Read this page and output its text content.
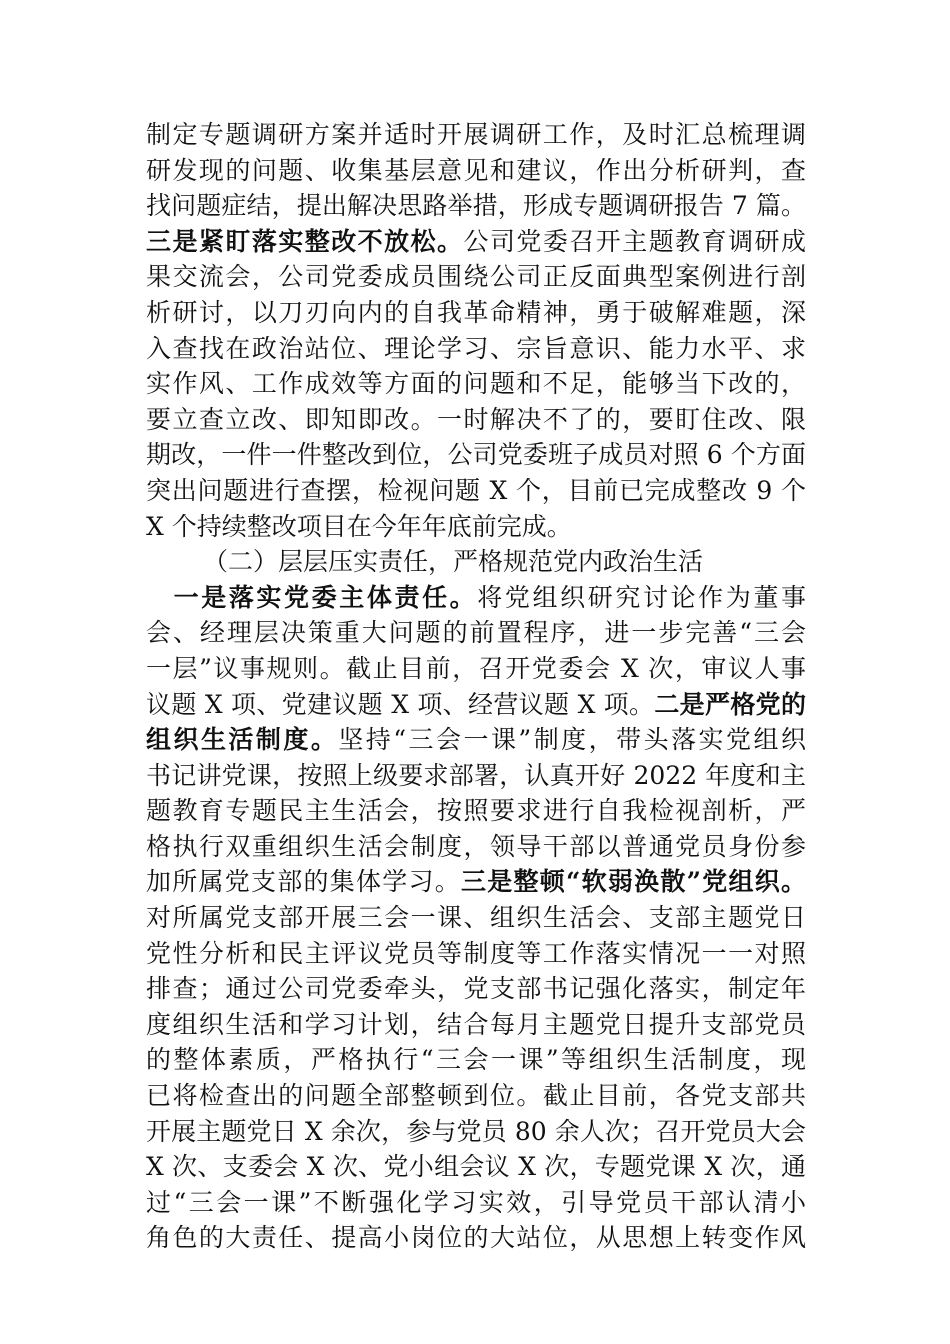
制定专题调研方案并适时开展调研工作，及时汇总梳理调
研发现的问题、收集基层意见和建议，作出分析研判，查
找问题症结，提出解决思路举措，形成专题调研报告 7 篇。
三是紧盯落实整改不放松。公司党委召开主题教育调研成
果交流会，公司党委成员围绕公司正反面典型案例进行剖
析研讨，以刀刃向内的自我革命精神，勇于破解难题，深
入查找在政治站位、理论学习、宗旨意识、能力水平、求
实作风、工作成效等方面的问题和不足，能够当下改的，
要立查立改、即知即改。一时解决不了的，要盯住改、限
期改，一件一件整改到位，公司党委班子成员对照 6 个方面
突出问题进行查摆，检视问题 X 个，目前已完成整改 9 个
X 个持续整改项目在今年年底前完成。
（二）层层压实责任，严格规范党内政治生活
　一是落实党委主体责任。将党组织研究讨论作为董事
会、经理层决策重大问题的前置程序，进一步完善“三会
一层”议事规则。截止目前，召开党委会 X 次，审议人事
议题 X 项、党建议题 X 项、经营议题 X 项。二是严格党的
组织生活制度。坚持“三会一课”制度，带头落实党组织
书记讲党课，按照上级要求部署，认真开好 2022 年度和主
题教育专题民主生活会，按照要求进行自我检视剖析，严
格执行双重组织生活会制度，领导干部以普通党员身份参
加所属党支部的集体学习。三是整顿“软弱涣散”党组织。
对所属党支部开展三会一课、组织生活会、支部主题党日
党性分析和民主评议党员等制度等工作落实情况一一对照
排查；通过公司党委牵头，党支部书记强化落实，制定年
度组织生活和学习计划，结合每月主题党日提升支部党员
的整体素质，严格执行“三会一课”等组织生活制度，现
已将检查出的问题全部整顿到位。截止目前，各党支部共
开展主题党日 X 余次，参与党员 80 余人次；召开党员大会
X 次、支委会 X 次、党小组会议 X 次，专题党课 X 次，通
过“三会一课”不断强化学习实效，引导党员干部认清小
角色的大责任、提高小岗位的大站位，从思想上转变作风
